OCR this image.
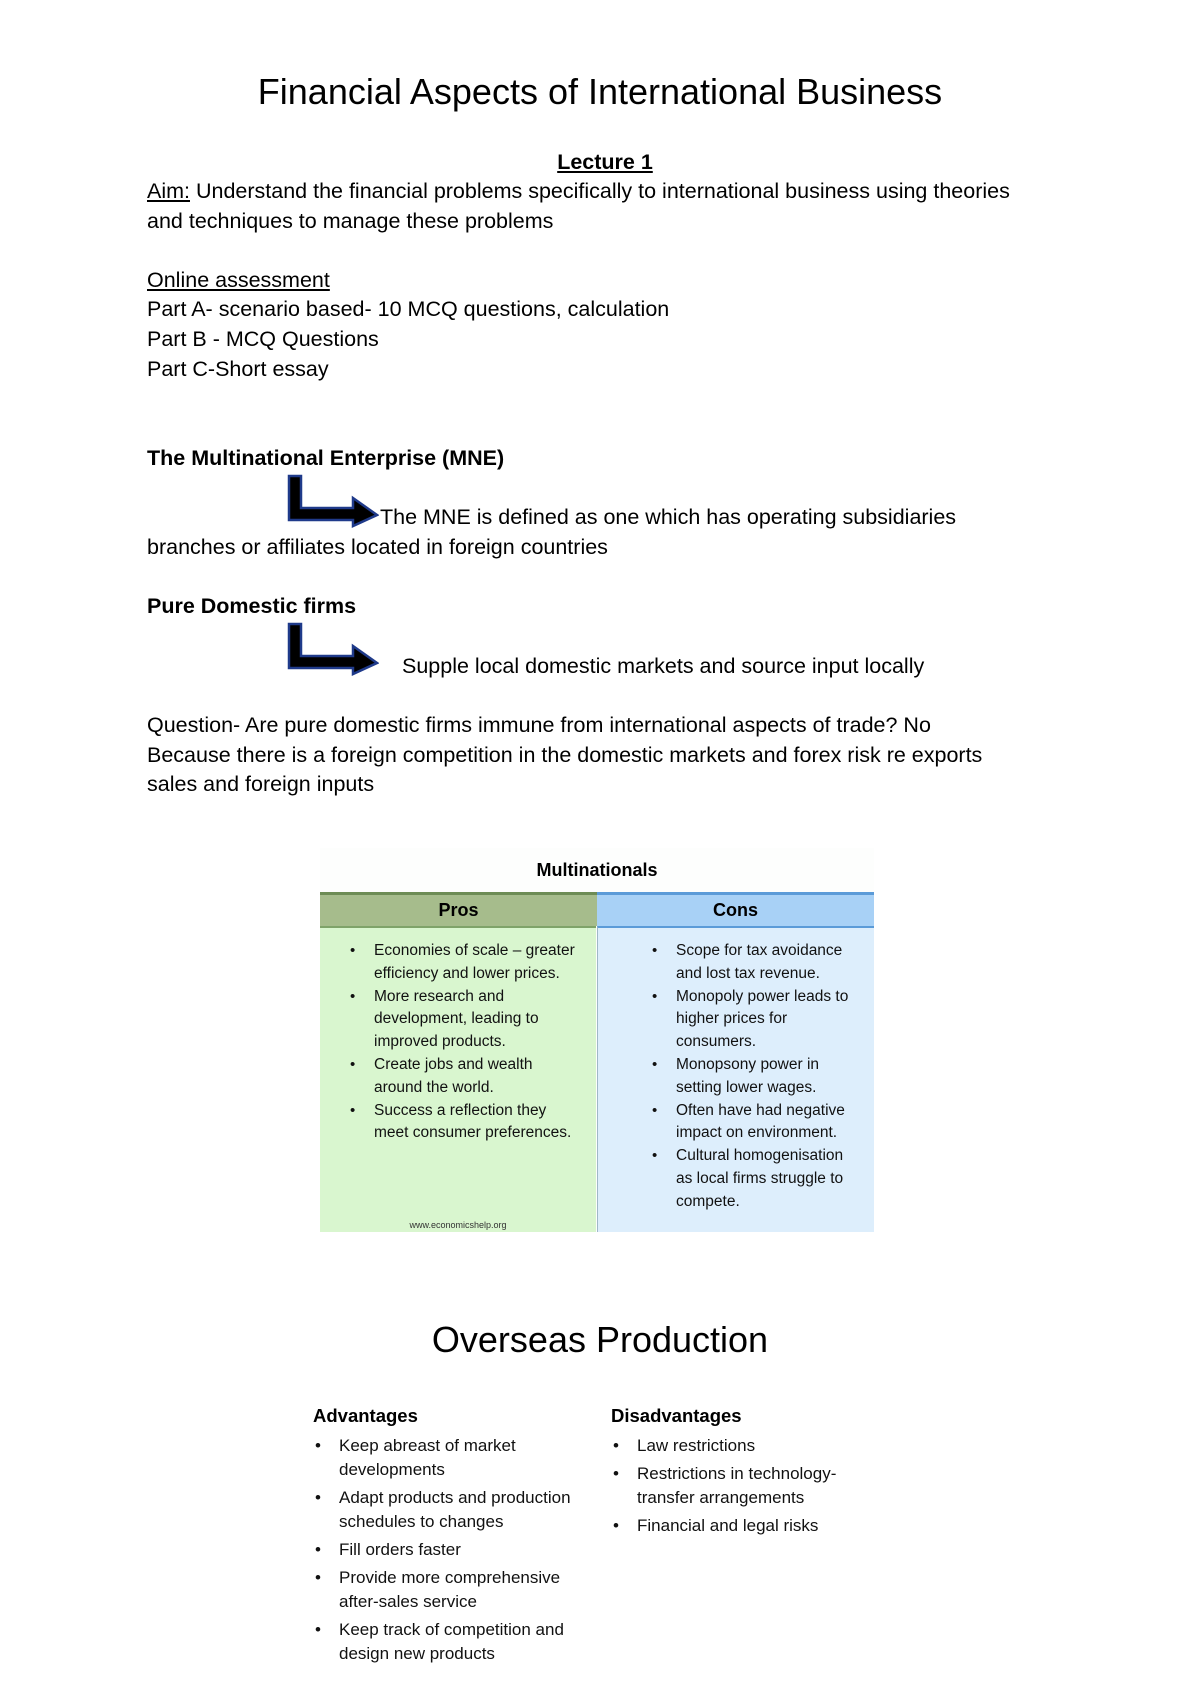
Financial Aspects of International Business
Lecture 1
Aim: Understand the financial problems specifically to international business using theories
and techniques to manage these problems
Online assessment
Part A- scenario based- 10 MCQ questions, calculation
Part B - MCQ Questions
Part C-Short essay
The Multinational Enterprise (MNE)
The MNE is defined as one which has operating subsidiaries
branches or affiliates located in foreign countries
Pure Domestic firms
Supple local domestic markets and source input locally
Question- Are pure domestic firms immune from international aspects of trade? No
Because there is a foreign competition in the domestic markets and forex risk re exports
sales and foreign inputs
Multinationals
Pros	Cons
• Economies of scale – greater efficiency and lower prices.
• More research and development, leading to improved products.
• Create jobs and wealth around the world.
• Success a reflection they meet consumer preferences.
www.economicshelp.org
• Scope for tax avoidance and lost tax revenue.
• Monopoly power leads to higher prices for consumers.
• Monopsony power in setting lower wages.
• Often have had negative impact on environment.
• Cultural homogenisation as local firms struggle to compete.
Overseas Production
Advantages
• Keep abreast of market developments
• Adapt products and production schedules to changes
• Fill orders faster
• Provide more comprehensive after-sales service
• Keep track of competition and design new products
Disadvantages
• Law restrictions
• Restrictions in technology-transfer arrangements
• Financial and legal risks
